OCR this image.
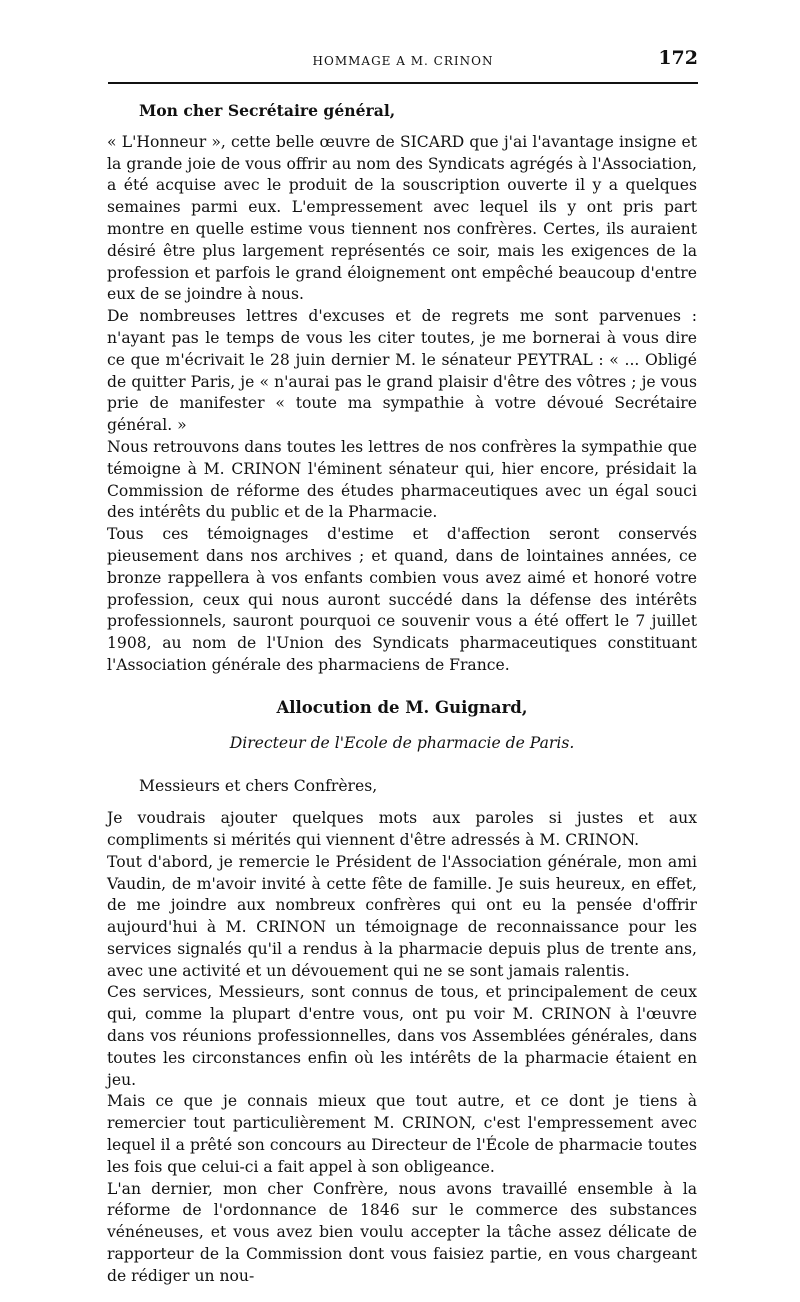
HOMMAGE A M. CRINON	172

Mon cher Secrétaire général,

« L'Honneur », cette belle œuvre de SICARD que j'ai l'avantage insigne et la grande joie de vous offrir au nom des Syndicats agrégés à l'Association, a été acquise avec le produit de la souscription ouverte il y a quelques semaines parmi eux. L'empressement avec lequel ils y ont pris part montre en quelle estime vous tiennent nos confrères. Certes, ils auraient désiré être plus largement représentés ce soir, mais les exigences de la profession et parfois le grand éloignement ont empêché beaucoup d'entre eux de se joindre à nous.

De nombreuses lettres d'excuses et de regrets me sont parvenues : n'ayant pas le temps de vous les citer toutes, je me bornerai à vous dire ce que m'écrivait le 28 juin dernier M. le sénateur PEYTRAL : « ... Obligé de quitter Paris, je « n'aurai pas le grand plaisir d'être des vôtres ; je vous prie de manifester « toute ma sympathie à votre dévoué Secrétaire général. »

Nous retrouvons dans toutes les lettres de nos confrères la sympathie que témoigne à M. CRINON l'éminent sénateur qui, hier encore, présidait la Commission de réforme des études pharmaceutiques avec un égal souci des intérêts du public et de la Pharmacie.

Tous ces témoignages d'estime et d'affection seront conservés pieusement dans nos archives ; et quand, dans de lointaines années, ce bronze rappellera à vos enfants combien vous avez aimé et honoré votre profession, ceux qui nous auront succédé dans la défense des intérêts professionnels, sauront pourquoi ce souvenir vous a été offert le 7 juillet 1908, au nom de l'Union des Syndicats pharmaceutiques constituant l'Association générale des pharmaciens de France.

Allocution de M. Guignard,
Directeur de l'Ecole de pharmacie de Paris.

Messieurs et chers Confrères,

Je voudrais ajouter quelques mots aux paroles si justes et aux compliments si mérités qui viennent d'être adressés à M. CRINON.

Tout d'abord, je remercie le Président de l'Association générale, mon ami Vaudin, de m'avoir invité à cette fête de famille. Je suis heureux, en effet, de me joindre aux nombreux confrères qui ont eu la pensée d'offrir aujourd'hui à M. CRINON un témoignage de reconnaissance pour les services signalés qu'il a rendus à la pharmacie depuis plus de trente ans, avec une activité et un dévouement qui ne se sont jamais ralentis.

Ces services, Messieurs, sont connus de tous, et principalement de ceux qui, comme la plupart d'entre vous, ont pu voir M. CRINON à l'œuvre dans vos réunions professionnelles, dans vos Assemblées générales, dans toutes les circonstances enfin où les intérêts de la pharmacie étaient en jeu.

Mais ce que je connais mieux que tout autre, et ce dont je tiens à remercier tout particulièrement M. CRINON, c'est l'empressement avec lequel il a prêté son concours au Directeur de l'École de pharmacie toutes les fois que celui-ci a fait appel à son obligeance.

L'an dernier, mon cher Confrère, nous avons travaillé ensemble à la réforme de l'ordonnance de 1846 sur le commerce des substances vénéneuses, et vous avez bien voulu accepter la tâche assez délicate de rapporteur de la Commission dont vous faisiez partie, en vous chargeant de rédiger un nou-
